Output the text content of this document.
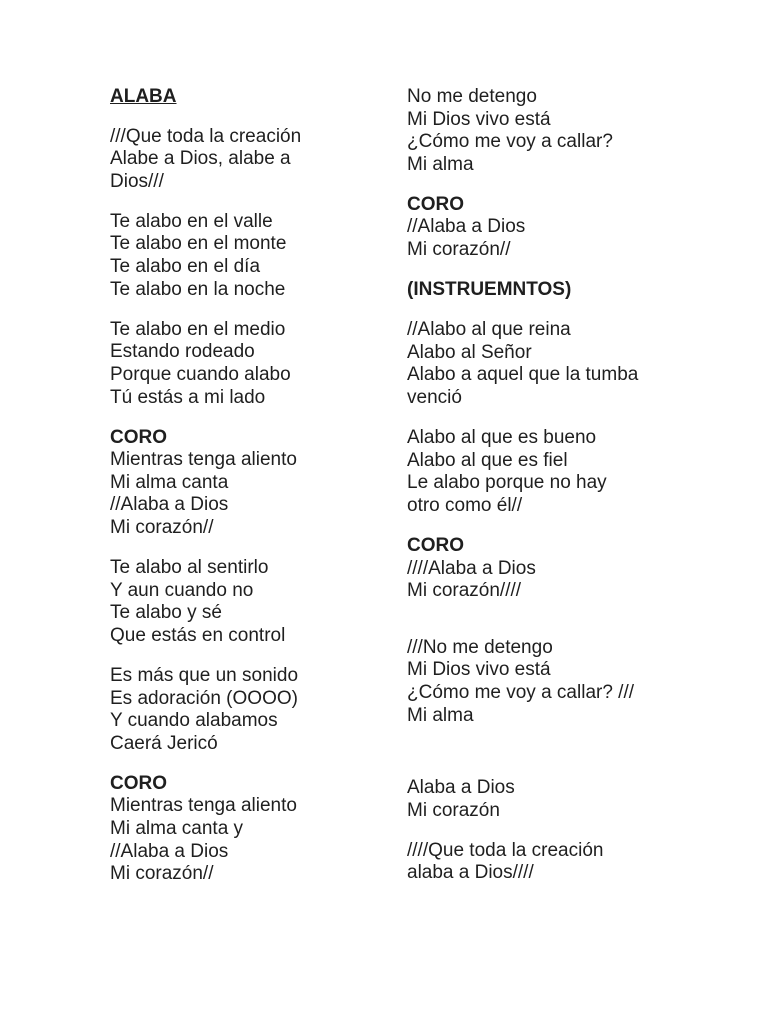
ALABA
///Que toda la creación
Alabe a Dios, alabe a
Dios///
Te alabo en el valle
Te alabo en el monte
Te alabo en el día
Te alabo en la noche
Te alabo en el medio
Estando rodeado
Porque cuando alabo
Tú estás a mi lado
CORO
Mientras tenga aliento
Mi alma canta
//Alaba a Dios
Mi corazón//
Te alabo al sentirlo
Y aun cuando no
Te alabo y sé
Que estás en control
Es más que un sonido
Es adoración (OOOO)
Y cuando alabamos
Caerá Jericó
CORO
Mientras tenga aliento
Mi alma canta y
//Alaba a Dios
Mi corazón//
No me detengo
Mi Dios vivo está
¿Cómo me voy a callar?
Mi alma
CORO
//Alaba a Dios
Mi corazón//
(INSTRUEMNTOS)
//Alabo al que reina
Alabo al Señor
Alabo a aquel que la tumba
venció
Alabo al que es bueno
Alabo al que es fiel
Le alabo porque no hay
otro como él//
CORO
////Alaba a Dios
Mi corazón////
///No me detengo
Mi Dios vivo está
¿Cómo me voy a callar? ///
Mi alma
Alaba a Dios
Mi corazón
////Que toda la creación
alaba a Dios////
